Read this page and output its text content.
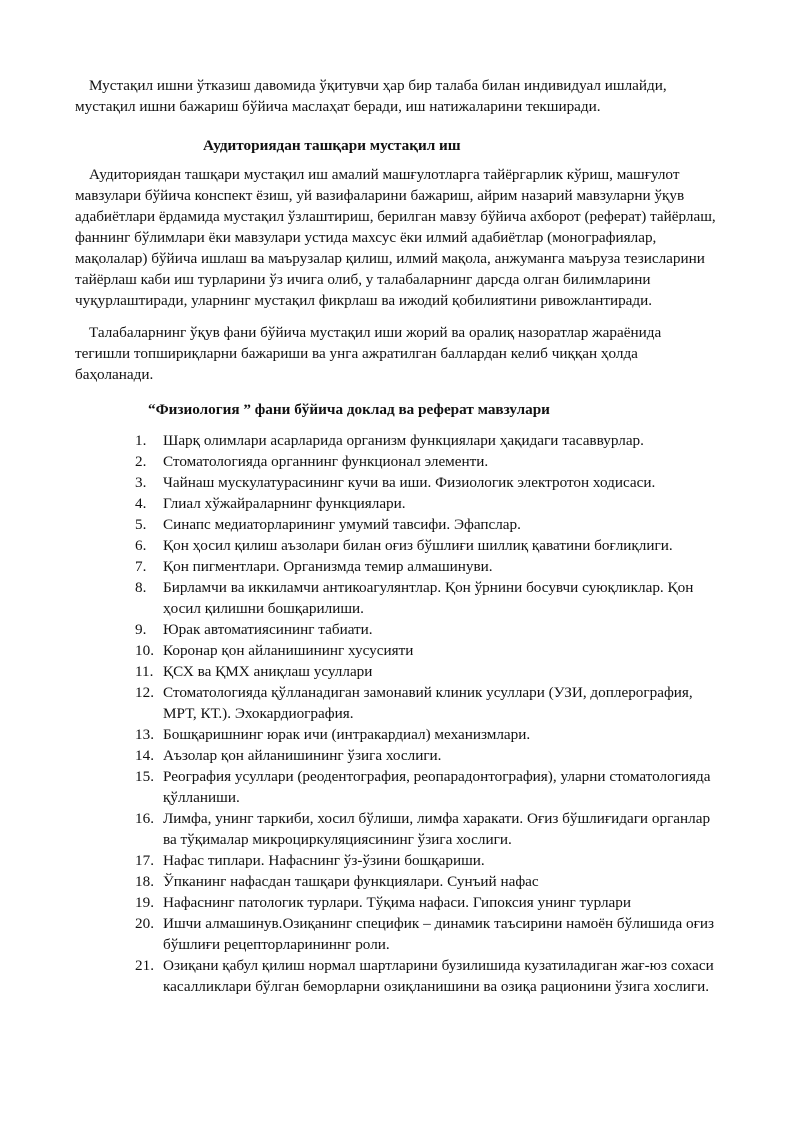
Мустақил ишни ўтказиш давомида ўқитувчи ҳар бир талаба билан индивидуал ишлайди, мустақил ишни бажариш бўйича маслаҳат беради, иш натижаларини текширади.

Аудиториядан ташқари мустақил иш

Аудиториядан ташқари мустақил иш амалий машғулотларга тайёргарлик кўриш, машғулот мавзулари бўйича конспект ёзиш, уй вазифаларини бажариш, айрим назарий мавзуларни ўқув адабиётлари ёрдамида мустақил ўзлаштириш, берилган мавзу бўйича ахборот (реферат) тайёрлаш, фаннинг бўлимлари ёки мавзулари устида махсус ёки илмий адабиётлар (монографиялар, мақолалар) бўйича ишлаш ва маърузалар қилиш, илмий мақола, анжуманга маъруза тезисларини тайёрлаш каби иш турларини ўз ичига олиб, у талабаларнинг дарсда олган билимларини чуқурлаштиради, уларнинг мустақил фикрлаш ва ижодий қобилиятини ривожлантиради.

Талабаларнинг ўқув фани бўйича мустақил иши жорий ва оралиқ назоратлар жараёнида тегишли топшириқларни бажариши ва унга ажратилган баллардан келиб чиққан ҳолда баҳоланади.

“Физиология ” фани бўйича доклад ва реферат мавзулари
1.	Шарқ олимлари асарларида организм функциялари ҳақидаги тасаввурлар.
2.	Стоматологияда органнинг функционал элементи.
3.	Чайнаш мускулатурасининг кучи ва иши. Физиологик электротон ходисаси.
4.	Глиал хўжайраларнинг функциялари.
5.	Синапс медиаторларининг умумий тавсифи. Эфапслар.
6.	Қон ҳосил қилиш аъзолари билан оғиз бўшлиғи шиллиқ қаватини боғлиқлиги.
7.	Қон пигментлари. Организмда темир алмашинуви.
8.	Бирламчи ва иккиламчи антикоагулянтлар. Қон ўрнини босувчи суюқликлар. Қон ҳосил қилишни бошқарилиши.
9.	Юрак автоматиясининг табиати.
10. Коронар қон айланишининг хусусияти
11. ҚСХ ва ҚМХ аниқлаш усуллари
12. Стоматологияда қўлланадиган замонавий клиник усуллари (УЗИ, доплерография, МРТ, КТ.). Эхокардиография.
13. Бошқаришнинг юрак ичи (интракардиал) механизмлари.
14. Аъзолар қон айланишининг ўзига хослиги.
15. Реография усуллари (реодентография, реопарадонтография), уларни стоматологияда қўлланиши.
16. Лимфа, унинг таркиби, хосил бўлиши, лимфа харакати. Оғиз бўшлиғидаги органлар ва тўқималар микроциркуляциясининг ўзига хослиги.
17. Нафас типлари. Нафаснинг ўз-ўзини бошқариши.
18. Ўпканинг нафасдан ташқари функциялари. Сунъий нафас
19. Нафаснинг патологик турлари. Тўқима нафаси. Гипоксия унинг турлари
20. Ишчи алмашинув.Озиқанинг специфик – динамик таъсирини намоён бўлишида оғиз бўшлиғи рецепторларининнг роли.
21. Озиқани қабул қилиш нормал шартларини бузилишида кузатиладиган жағ-юз сохаси касалликлари бўлган беморларни озиқланишини ва озиқа рационини ўзига хослиги.
